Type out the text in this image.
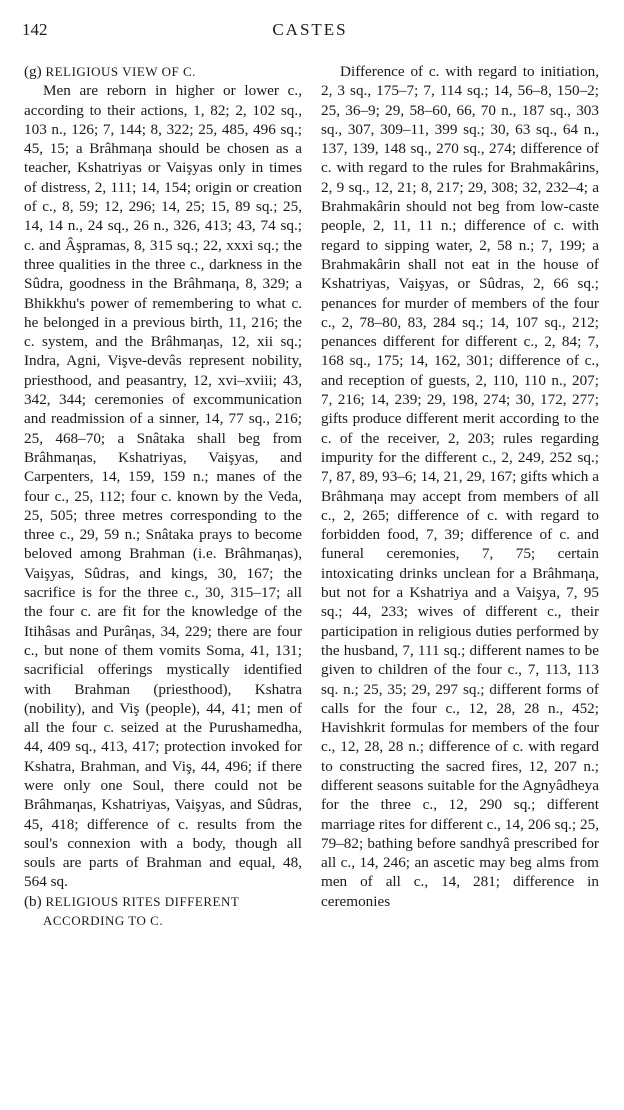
142	CASTES

(g) RELIGIOUS VIEW OF C.

Men are reborn in higher or lower c., according to their actions, 1, 82; 2, 102 sq., 103 n., 126; 7, 144; 8, 322; 25, 485, 496 sq.; 45, 15; a Brâhmaηa should be chosen as a teacher, Kshatriyas or Vaişyas only in times of distress, 2, 111; 14, 154; origin or creation of c., 8, 59; 12, 296; 14, 25; 15, 89 sq.; 25, 14, 14 n., 24 sq., 26 n., 326, 413; 43, 74 sq.; c. and Âşpramas, 8, 315 sq.; 22, xxxi sq.; the three qualities in the three c., darkness in the Sûdra, goodness in the Brâhmaηa, 8, 329; a Bhikkhu's power of remembering to what c. he belonged in a previous birth, 11, 216; the c. system, and the Brâhmaηas, 12, xii sq.; Indra, Agni, Vişve-devâs represent nobility, priesthood, and peasantry, 12, xvi–xviii; 43, 342, 344; ceremonies of excommunication and readmission of a sinner, 14, 77 sq., 216; 25, 468–70; a Snâtaka shall beg from Brâhmaηas, Kshatriyas, Vaişyas, and Carpenters, 14, 159, 159 n.; manes of the four c., 25, 112; four c. known by the Veda, 25, 505; three metres corresponding to the three c., 29, 59 n.; Snâtaka prays to become beloved among Brahman (i.e. Brâhmaηas), Vaişyas, Sûdras, and kings, 30, 167; the sacrifice is for the three c., 30, 315–17; all the four c. are fit for the knowledge of the Itihâsas and Purâηas, 34, 229; there are four c., but none of them vomits Soma, 41, 131; sacrificial offerings mystically identified with Brahman (priesthood), Kshatra (nobility), and Viş (people), 44, 41; men of all the four c. seized at the Purushamedha, 44, 409 sq., 413, 417; protection invoked for Kshatra, Brahman, and Viş, 44, 496; if there were only one Soul, there could not be Brâhmaηas, Kshatriyas, Vaişyas, and Sûdras, 45, 418; difference of c. results from the soul's connexion with a body, though all souls are parts of Brahman and equal, 48, 564 sq.

(b) RELIGIOUS RITES DIFFERENT ACCORDING TO C.

Difference of c. with regard to initiation, 2, 3 sq., 175–7; 7, 114 sq.; 14, 56–8, 150–2; 25, 36–9; 29, 58–60, 66, 70 n., 187 sq., 303 sq., 307, 309–11, 399 sq.; 30, 63 sq., 64 n., 137, 139, 148 sq., 270 sq., 274; difference of c. with regard to the rules for Brahmakârins, 2, 9 sq., 12, 21; 8, 217; 29, 308; 32, 232–4; a Brahmakârin should not beg from low-caste people, 2, 11, 11 n.; difference of c. with regard to sipping water, 2, 58 n.; 7, 199; a Brahmakârin shall not eat in the house of Kshatriyas, Vaişyas, or Sûdras, 2, 66 sq.; penances for murder of members of the four c., 2, 78–80, 83, 284 sq.; 14, 107 sq., 212; penances different for different c., 2, 84; 7, 168 sq., 175; 14, 162, 301; difference of c., and reception of guests, 2, 110, 110 n., 207; 7, 216; 14, 239; 29, 198, 274; 30, 172, 277; gifts produce different merit according to the c. of the receiver, 2, 203; rules regarding impurity for the different c., 2, 249, 252 sq.; 7, 87, 89, 93–6; 14, 21, 29, 167; gifts which a Brâhmaηa may accept from members of all c., 2, 265; difference of c. with regard to forbidden food, 7, 39; difference of c. and funeral ceremonies, 7, 75; certain intoxicating drinks unclean for a Brâhmaηa, but not for a Kshatriya and a Vaişya, 7, 95 sq.; 44, 233; wives of different c., their participation in religious duties performed by the husband, 7, 111 sq.; different names to be given to children of the four c., 7, 113, 113 sq. n.; 25, 35; 29, 297 sq.; different forms of calls for the four c., 12, 28, 28 n., 452; Havishkrit formulas for members of the four c., 12, 28, 28 n.; difference of c. with regard to constructing the sacred fires, 12, 207 n.; different seasons suitable for the Agnyâdheya for the three c., 12, 290 sq.; different marriage rites for different c., 14, 206 sq.; 25, 79–82; bathing before sandhyâ prescribed for all c., 14, 246; an ascetic may beg alms from men of all c., 14, 281; difference in ceremonies
